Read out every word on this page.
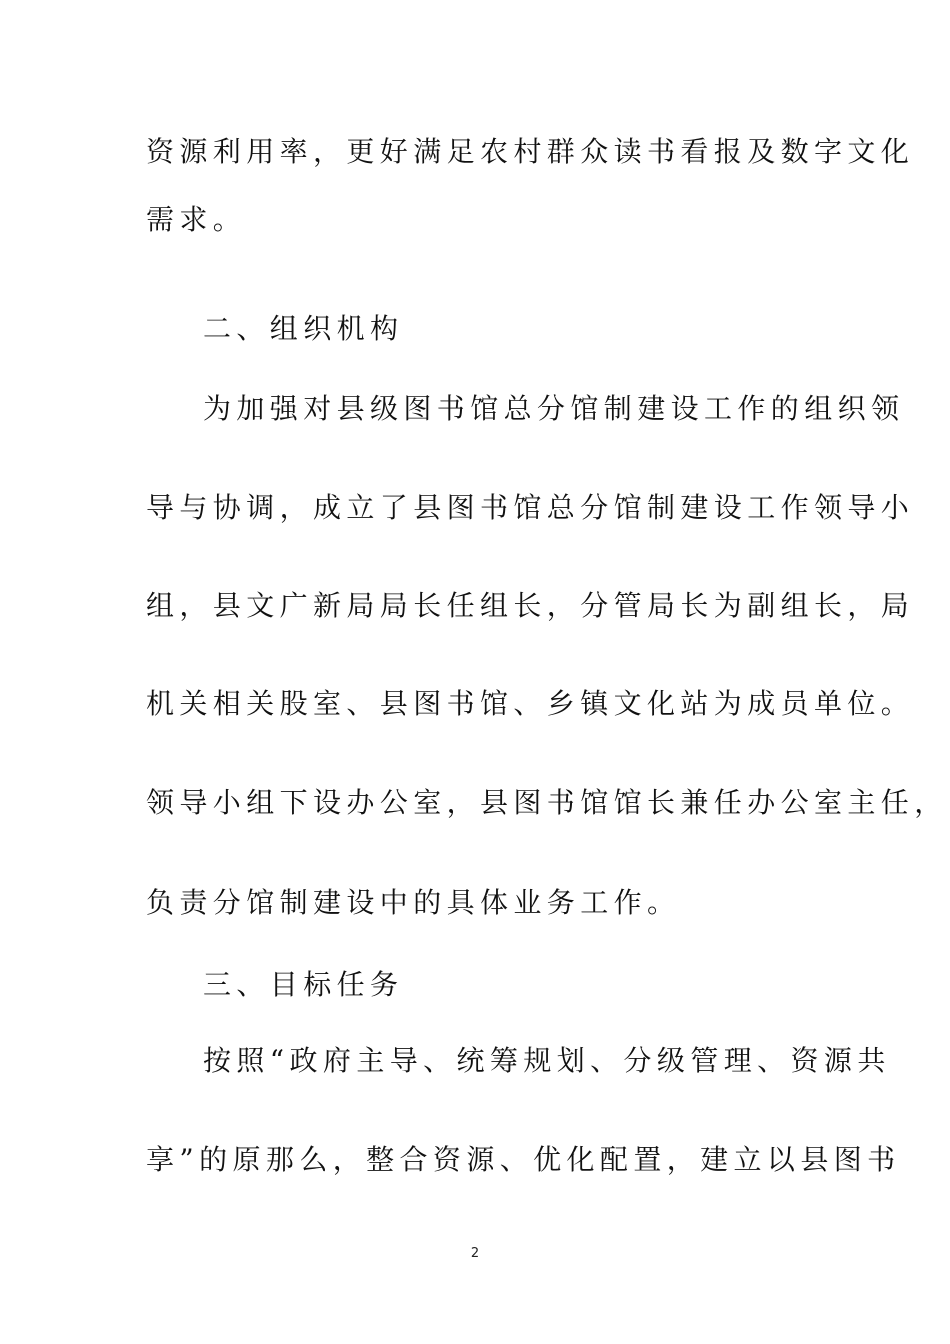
资源利用率，更好满足农村群众读书看报及数字文化
需求。
二、组织机构
为加强对县级图书馆总分馆制建设工作的组织领
导与协调，成立了县图书馆总分馆制建设工作领导小
组，县文广新局局长任组长，分管局长为副组长，局
机关相关股室、县图书馆、乡镇文化站为成员单位。
领导小组下设办公室，县图书馆馆长兼任办公室主任，
负责分馆制建设中的具体业务工作。
三、目标任务
按照“政府主导、统筹规划、分级管理、资源共
享”的原那么，整合资源、优化配置，建立以县图书
2
